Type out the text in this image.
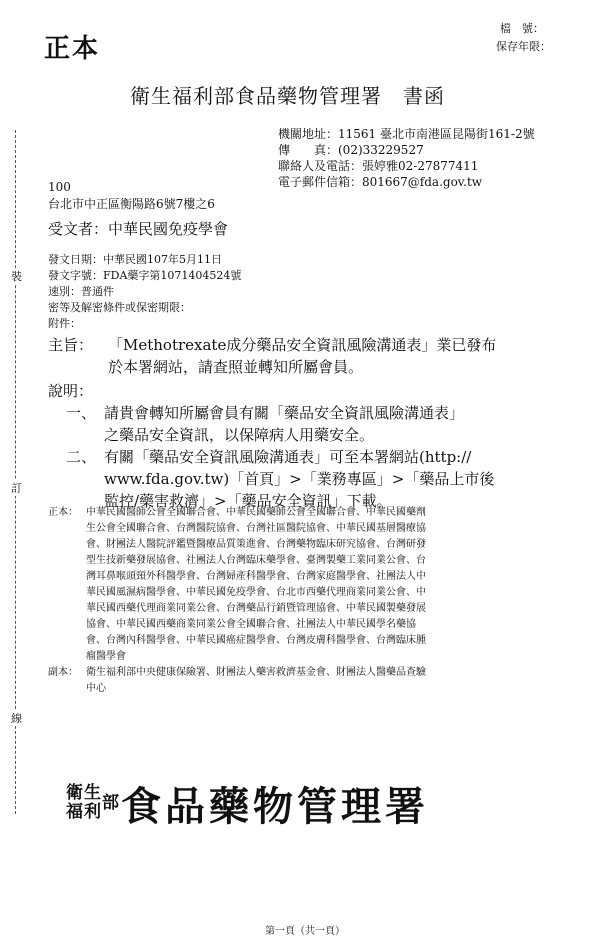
正本
檔　號：
保存年限：
衛生福利部食品藥物管理署　書函
機關地址：11561 臺北市南港區昆陽街161-2號
傳　　真：(02)33229527
聯絡人及電話：張婷雅02-27877411
電子郵件信箱：801667@fda.gov.tw
100
台北市中正區衡陽路6號7樓之6
受文者：中華民國免疫學會
發文日期：中華民國107年5月11日
發文字號：FDA藥字第1071404524號
速別：普通件
密等及解密條件或保密期限：
附件：
主旨： 「Methotrexate成分藥品安全資訊風險溝通表」業已發布
於本署網站，請查照並轉知所屬會員。
說明：
一、 請貴會轉知所屬會員有關「藥品安全資訊風險溝通表」
之藥品安全資訊，以保障病人用藥安全。
二、 有關「藥品安全資訊風險溝通表」可至本署網站(http://
www.fda.gov.tw)「首頁」>「業務專區」>「藥品上市後
監控/藥害救濟」>「藥品安全資訊」下載。
正本： 中華民國醫師公會全國聯合會、中華民國藥師公會全國聯合會、中華民國藥劑
生公會全國聯合會、台灣醫院協會、台灣社區醫院協會、中華民國基層醫療協
會、財團法人醫院評鑑暨醫療品質策進會、台灣藥物臨床研究協會、台灣研發
型生技新藥發展協會、社團法人台灣臨床藥學會、臺灣製藥工業同業公會、台
灣耳鼻喉頭頸外科醫學會、台灣婦產科醫學會、台灣家庭醫學會、社團法人中
華民國風濕病醫學會、中華民國免疫學會、台北市西藥代理商業同業公會、中
華民國西藥代理商業同業公會、台灣藥品行銷暨管理協會、中華民國製藥發展
協會、中華民國西藥商業同業公會全國聯合會、社團法人中華民國學名藥協
會、台灣內科醫學會、中華民國癌症醫學會、台灣皮膚科醫學會、台灣臨床腫
瘤醫學會
副本： 衛生福利部中央健康保險署、財團法人藥害救濟基金會、財團法人醫藥品查驗
中心
裝
訂
線
衛
福
生
利 部 食品藥物管理署
第一頁（共一頁）
